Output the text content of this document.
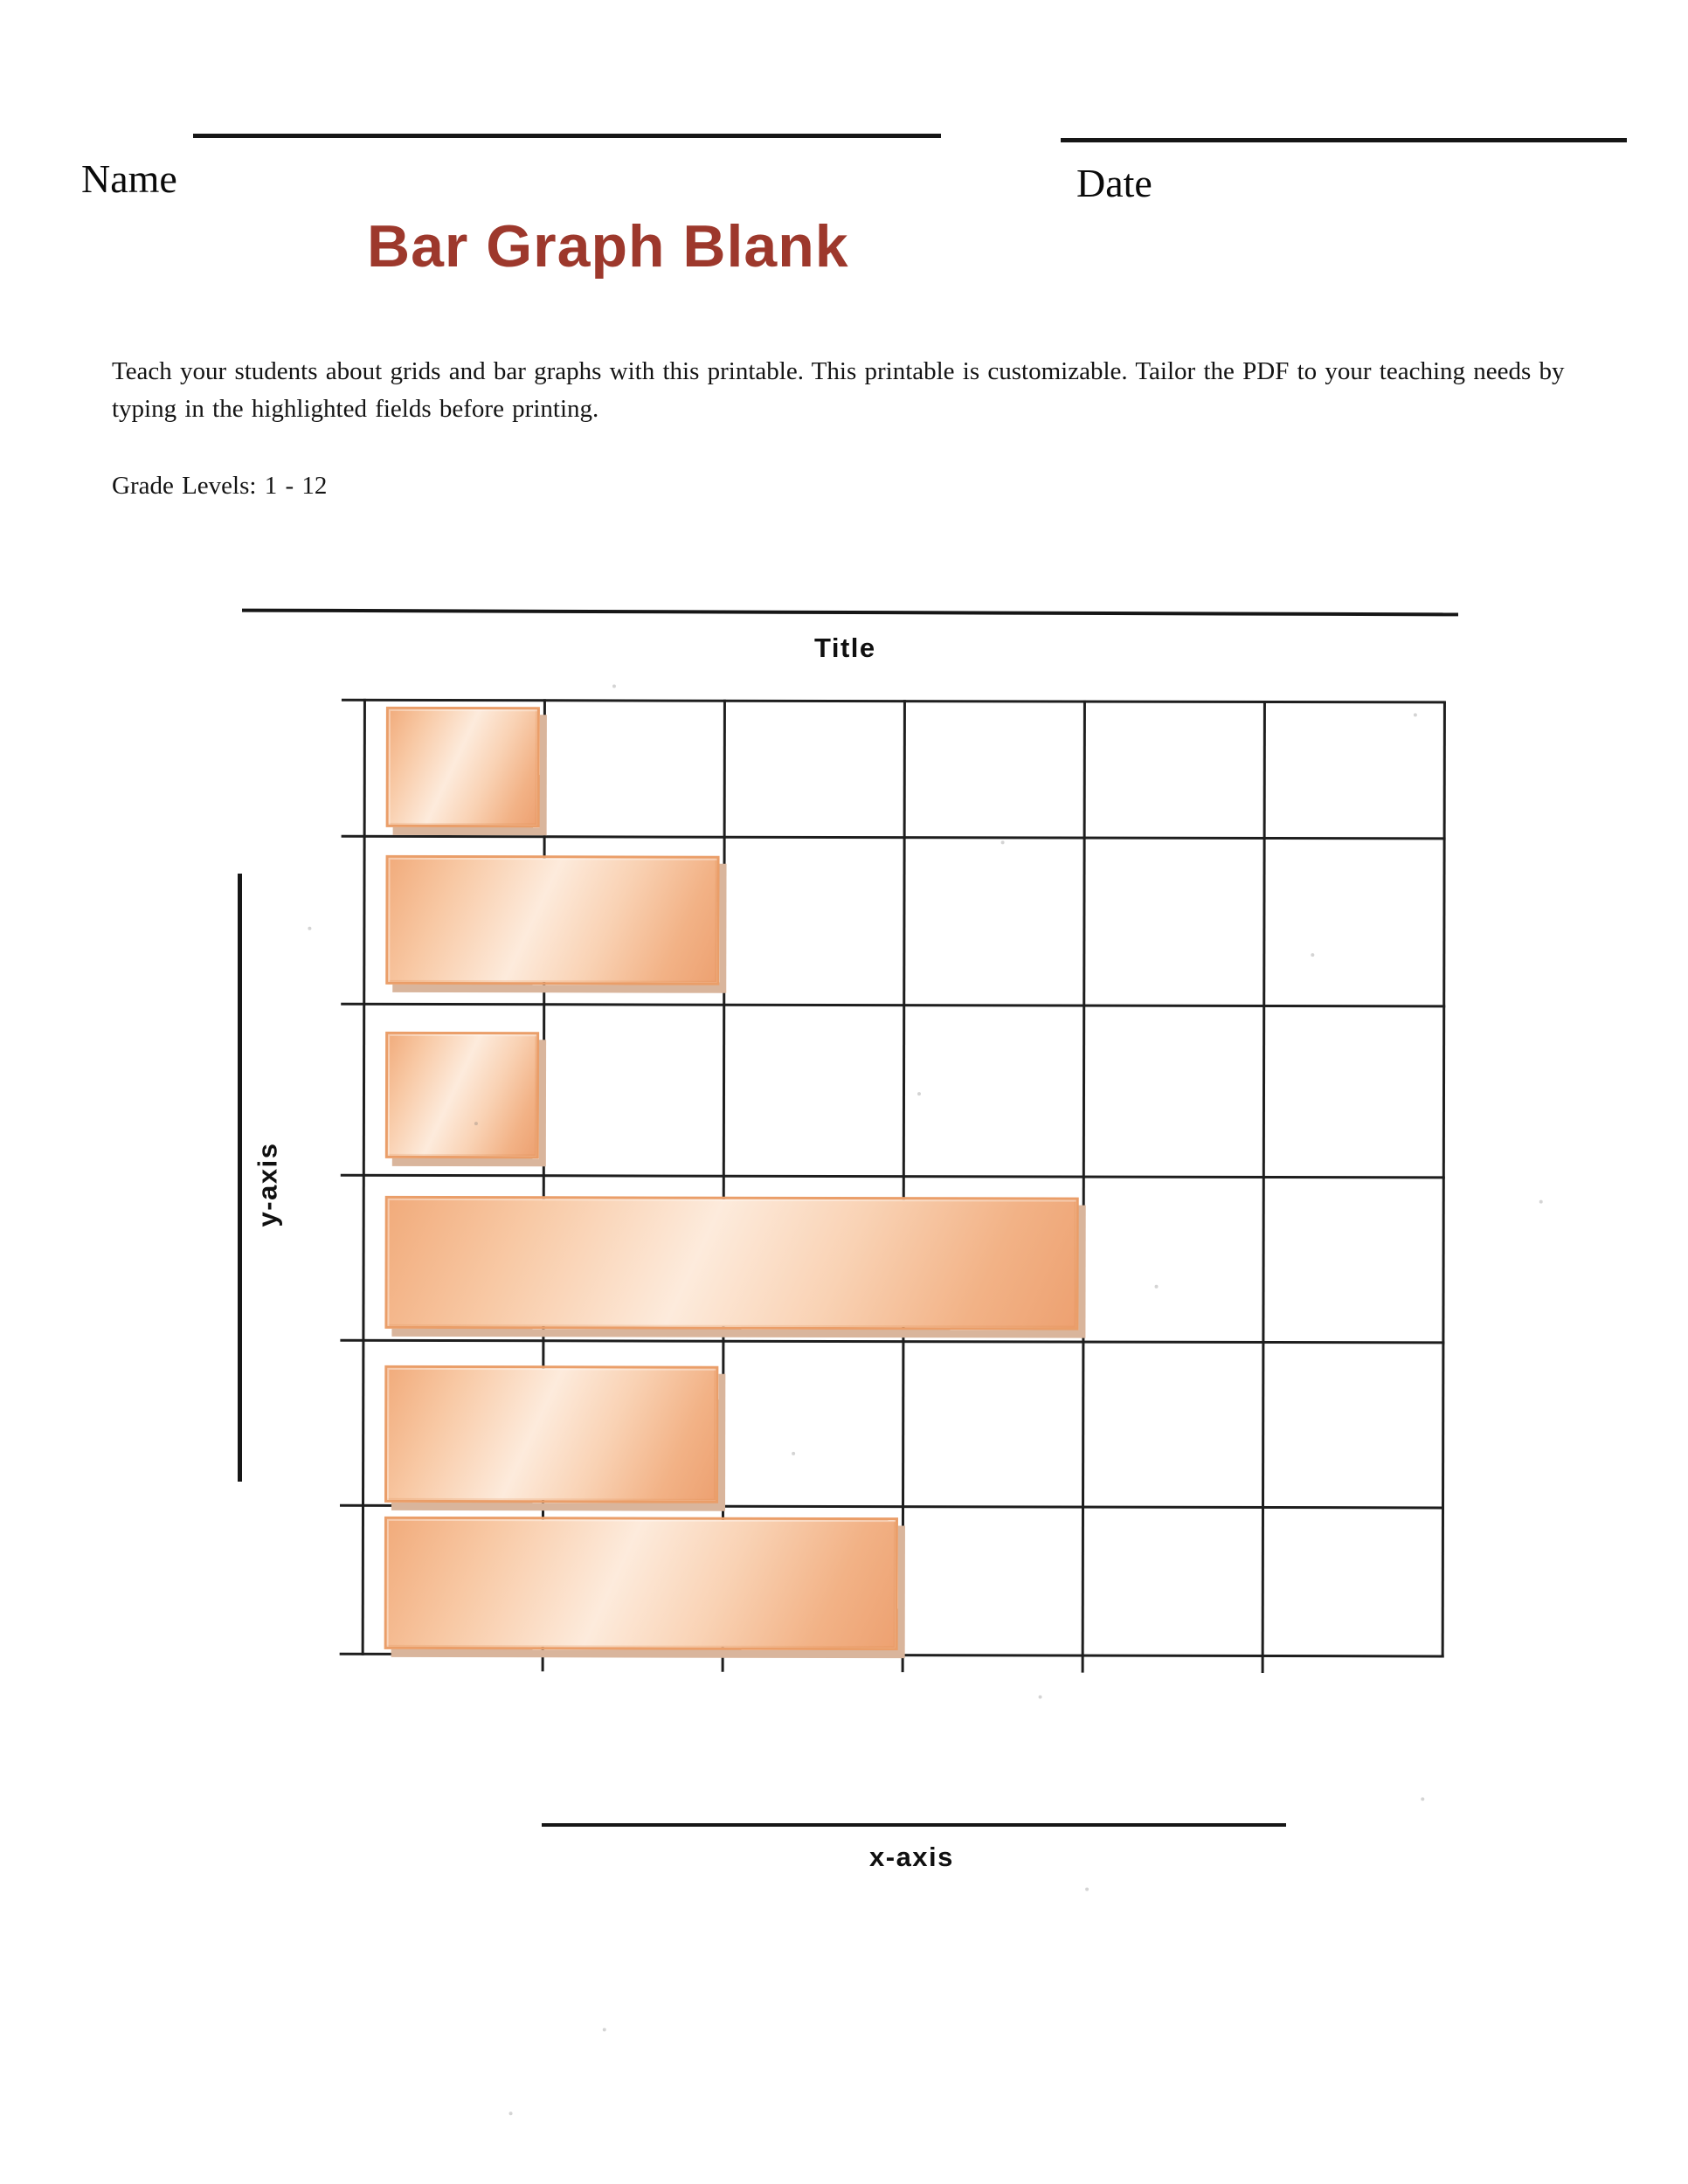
Name	Date
Bar Graph Blank
Teach your students about grids and bar graphs with this printable. This printable is customizable. Tailor the PDF to your teaching needs by typing in the highlighted fields before printing.
Grade Levels: 1 - 12
Title
y-axis
x-axis
